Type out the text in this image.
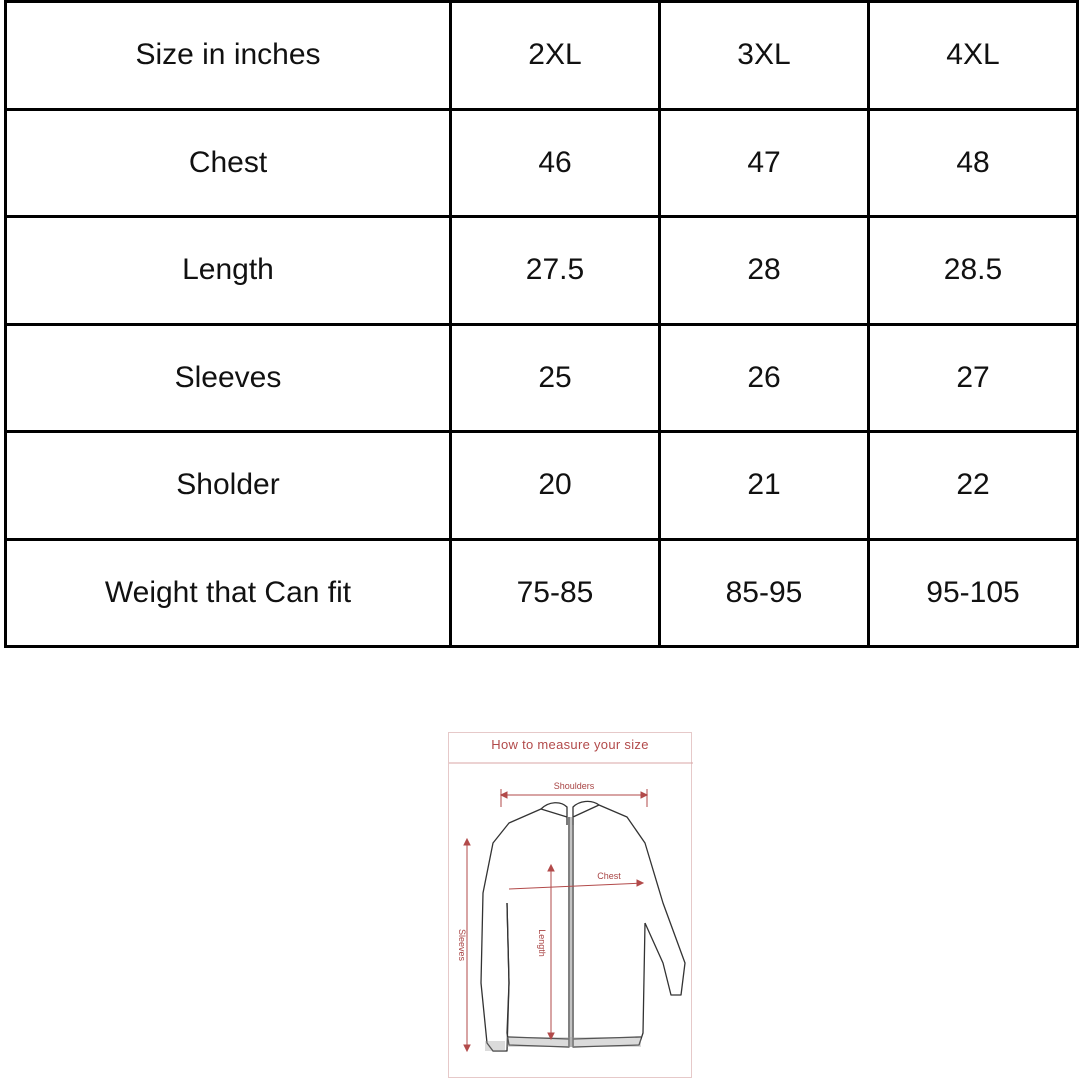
Size in inches	2XL	3XL	4XL
Chest	46	47	48
Length	27.5	28	28.5
Sleeves	25	26	27
Sholder	20	21	22
Weight that Can fit	75-85	85-95	95-105
Shoulders
Chest
Length
Sleeves
How to measure your size
